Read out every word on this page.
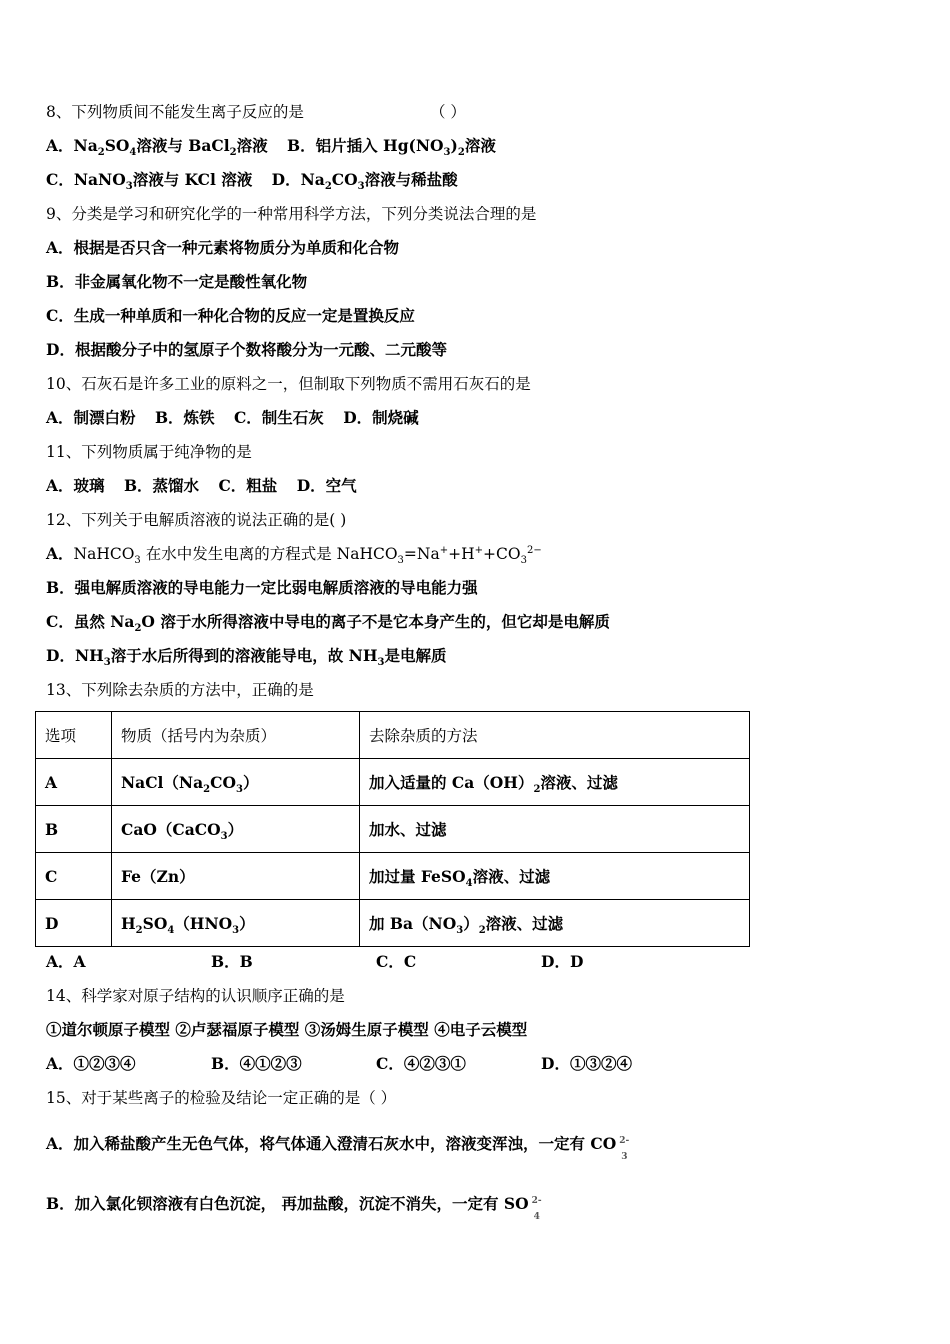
8、下列物质间不能发生离子反应的是	（ ）
A．$Na_2SO_4$溶液与 BaCl$_2$溶液 B．铝片插入 $Hg(NO_3)_2$溶液
C．NaNO$_3$溶液与 KCl 溶液 D．$Na_2CO_3$溶液与稀盐酸
9、分类是学习和研究化学的一种常用科学方法，下列分类说法合理的是
A．根据是否只含一种元素将物质分为单质和化合物
B．非金属氧化物不一定是酸性氧化物
C．生成一种单质和一种化合物的反应一定是置换反应
D．根据酸分子中的氢原子个数将酸分为一元酸、二元酸等
10、石灰石是许多工业的原料之一，但制取下列物质不需用石灰石的是
A．制漂白粉 B．炼铁 C．制生石灰 D．制烧碱
11、下列物质属于纯净物的是
A．玻璃 B．蒸馏水 C．粗盐 D．空气
12、下列关于电解质溶液的说法正确的是( )
A．NaHCO$_3$ 在水中发生电离的方程式是 $NaHCO_3=Na^++H^++CO_3^{2-}$
B．强电解质溶液的导电能力一定比弱电解质溶液的导电能力强
C．虽然 $Na_2O$ 溶于水所得溶液中导电的离子不是它本身产生的，但它却是电解质
D．$NH_3$溶于水后所得到的溶液能导电，故 $NH_3$是电解质
13、下列除去杂质的方法中，正确的是
选项	物质（括号内为杂质）	去除杂质的方法
A	$NaCl(Na_2CO_3)$	加入适量的 $Ca(OH)_2$溶液、过滤
B	CaO（CaCO$_3$）	加水、过滤
C	Fe（Zn）	加过量 FeSO$_4$溶液、过滤
D	$H_2SO_4(HNO_3)$	加 $Ba(NO_3)_2$溶液、过滤
A．A	B．B	C．C	D．D
14、科学家对原子结构的认识顺序正确的是
①道尔顿原子模型 ②卢瑟福原子模型 ③汤姆生原子模型 ④电子云模型
A．①②③④	B．④①②③	C．④②③①	D．①③②④
15、对于某些离子的检验及结论一定正确的是（ ）
A．加入稀盐酸产生无色气体，将气体通入澄清石灰水中，溶液变浑浊，一定有 CO 2-
3
B．加入氯化钡溶液有白色沉淀， 再加盐酸，沉淀不消失，一定有 SO 2-
4
